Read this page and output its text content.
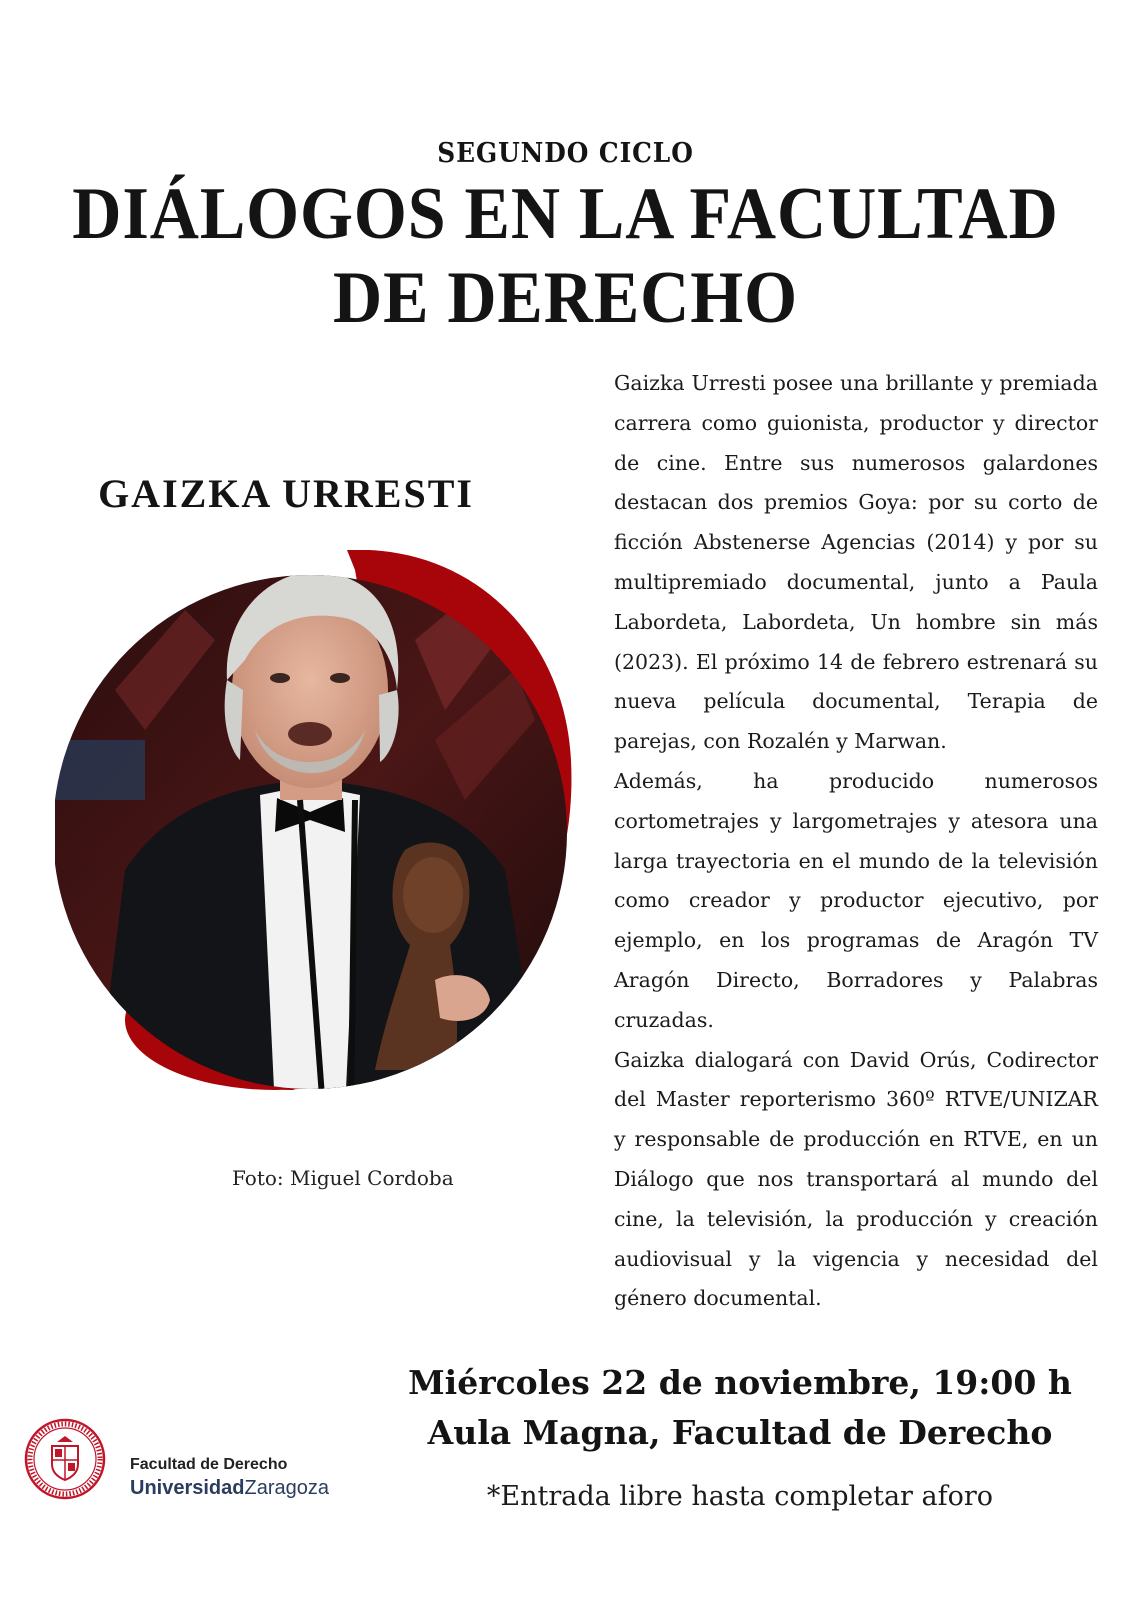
SEGUNDO CICLO
DIÁLOGOS EN LA FACULTAD
DE DERECHO
GAIZKA URRESTI
Foto: Miguel Cordoba

Gaizka Urresti posee una brillante y premiada carrera como guionista, productor y director de cine. Entre sus numerosos galardones destacan dos premios Goya: por su corto de ficción Abstenerse Agencias (2014) y por su multipremiado documental, junto a Paula Labordeta, Labordeta, Un hombre sin más (2023). El próximo 14 de febrero estrenará su nueva película documental, Terapia de parejas, con Rozalén y Marwan.

Además, ha producido numerosos cortometrajes y largometrajes y atesora una larga trayectoria en el mundo de la televisión como creador y productor ejecutivo, por ejemplo, en los programas de Aragón TV Aragón Directo, Borradores y Palabras cruzadas.

Gaizka dialogará con David Orús, Codirector del Master reporterismo 360º RTVE/UNIZAR y responsable de producción en RTVE, en un Diálogo que nos transportará al mundo del cine, la televisión, la producción y creación audiovisual y la vigencia y necesidad del género documental.

Miércoles 22 de noviembre, 19:00 h
Aula Magna, Facultad de Derecho
*Entrada libre hasta completar aforo
Facultad de Derecho
UniversidadZaragoza
